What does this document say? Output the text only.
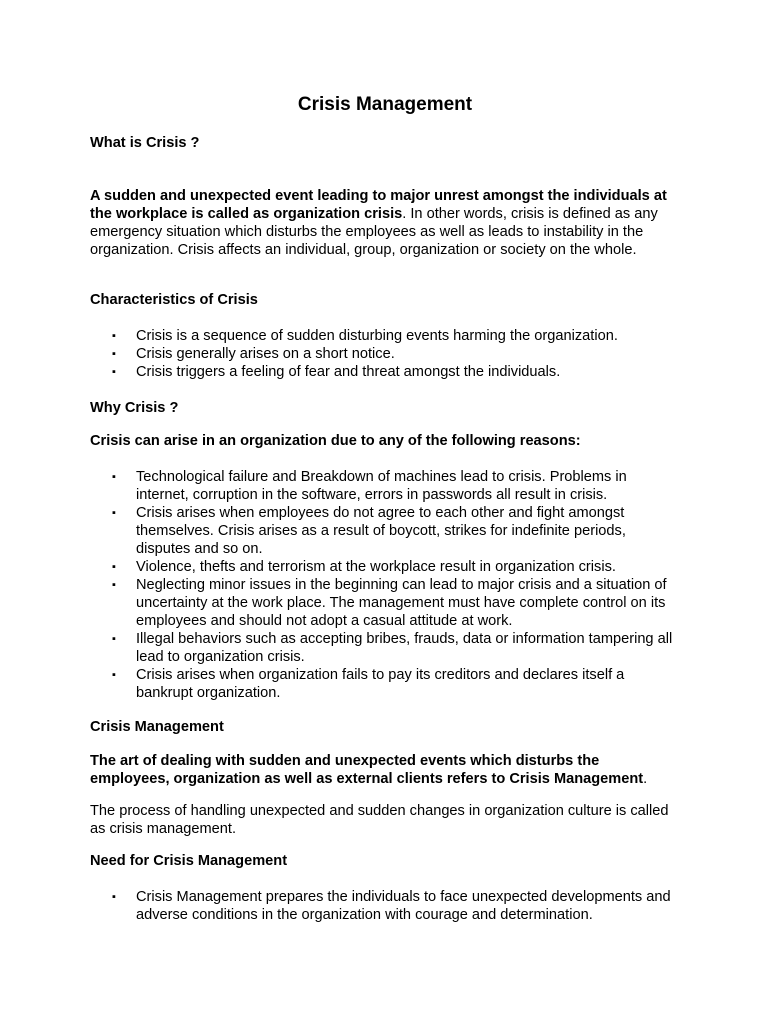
Crisis Management

What is Crisis ?

A sudden and unexpected event leading to major unrest amongst the individuals at the workplace is called as organization crisis. In other words, crisis is defined as any emergency situation which disturbs the employees as well as leads to instability in the organization. Crisis affects an individual, group, organization or society on the whole.

Characteristics of Crisis

▪ Crisis is a sequence of sudden disturbing events harming the organization.
▪ Crisis generally arises on a short notice.
▪ Crisis triggers a feeling of fear and threat amongst the individuals.

Why Crisis ?

Crisis can arise in an organization due to any of the following reasons:

▪ Technological failure and Breakdown of machines lead to crisis. Problems in internet, corruption in the software, errors in passwords all result in crisis.
▪ Crisis arises when employees do not agree to each other and fight amongst themselves. Crisis arises as a result of boycott, strikes for indefinite periods, disputes and so on.
▪ Violence, thefts and terrorism at the workplace result in organization crisis.
▪ Neglecting minor issues in the beginning can lead to major crisis and a situation of uncertainty at the work place. The management must have complete control on its employees and should not adopt a casual attitude at work.
▪ Illegal behaviors such as accepting bribes, frauds, data or information tampering all lead to organization crisis.
▪ Crisis arises when organization fails to pay its creditors and declares itself a bankrupt organization.

Crisis Management

The art of dealing with sudden and unexpected events which disturbs the employees, organization as well as external clients refers to Crisis Management.

The process of handling unexpected and sudden changes in organization culture is called as crisis management.

Need for Crisis Management

▪ Crisis Management prepares the individuals to face unexpected developments and adverse conditions in the organization with courage and determination.
